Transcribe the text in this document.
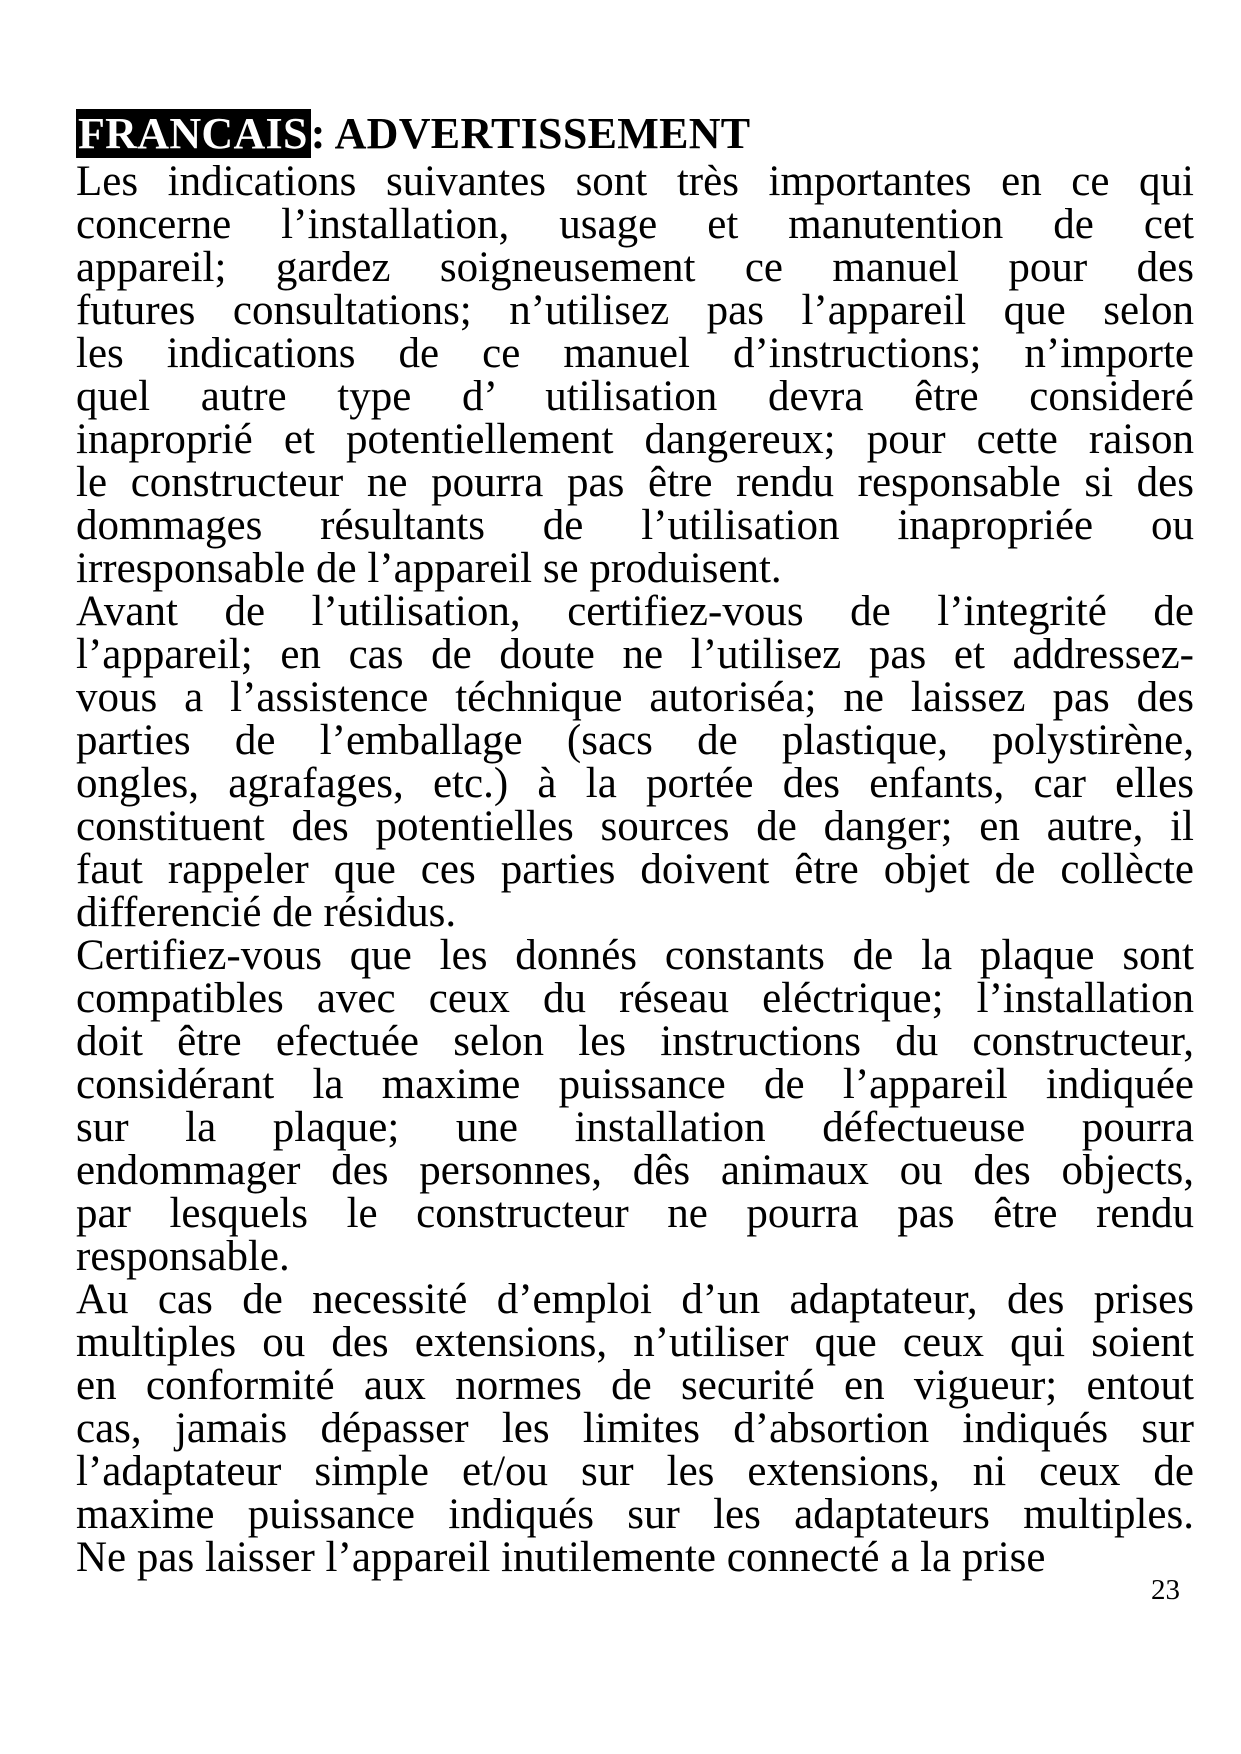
FRANCAIS: ADVERTISSEMENT

Les indications suivantes sont très importantes en ce qui
concerne l’installation, usage et manutention de cet
appareil; gardez soigneusement ce manuel pour des
futures consultations; n’utilisez pas l’appareil que selon
les indications de ce manuel d’instructions; n’importe
quel autre type d’ utilisation devra être consideré
inaproprié et potentiellement dangereux; pour cette raison
le constructeur ne pourra pas être rendu responsable si des
dommages résultants de l’utilisation inapropriée ou
irresponsable de l’appareil se produisent.

Avant de l’utilisation, certifiez-vous de l’integrité de
l’appareil; en cas de doute ne l’utilisez pas et addressez-
vous a l’assistence téchnique autoriséa; ne laissez pas des
parties de l’emballage (sacs de plastique, polystirène,
ongles, agrafages, etc.) à la portée des enfants, car elles
constituent des potentielles sources de danger; en autre, il
faut rappeler que ces parties doivent être objet de collècte
differencié de résidus.

Certifiez-vous que les donnés constants de la plaque sont
compatibles avec ceux du réseau eléctrique; l’installation
doit être efectuée selon les instructions du constructeur,
considérant la maxime puissance de l’appareil indiquée
sur la plaque; une installation défectueuse pourra
endommager des personnes, dês animaux ou des objects,
par lesquels le constructeur ne pourra pas être rendu
responsable.

Au cas de necessité d’emploi d’un adaptateur, des prises
multiples ou des extensions, n’utiliser que ceux qui soient
en conformité aux normes de securité en vigueur; entout
cas, jamais dépasser les limites d’absortion indiqués sur
l’adaptateur simple et/ou sur les extensions, ni ceux de
maxime puissance indiqués sur les adaptateurs multiples.
Ne pas laisser l’appareil inutilemente connecté a la prise

23
